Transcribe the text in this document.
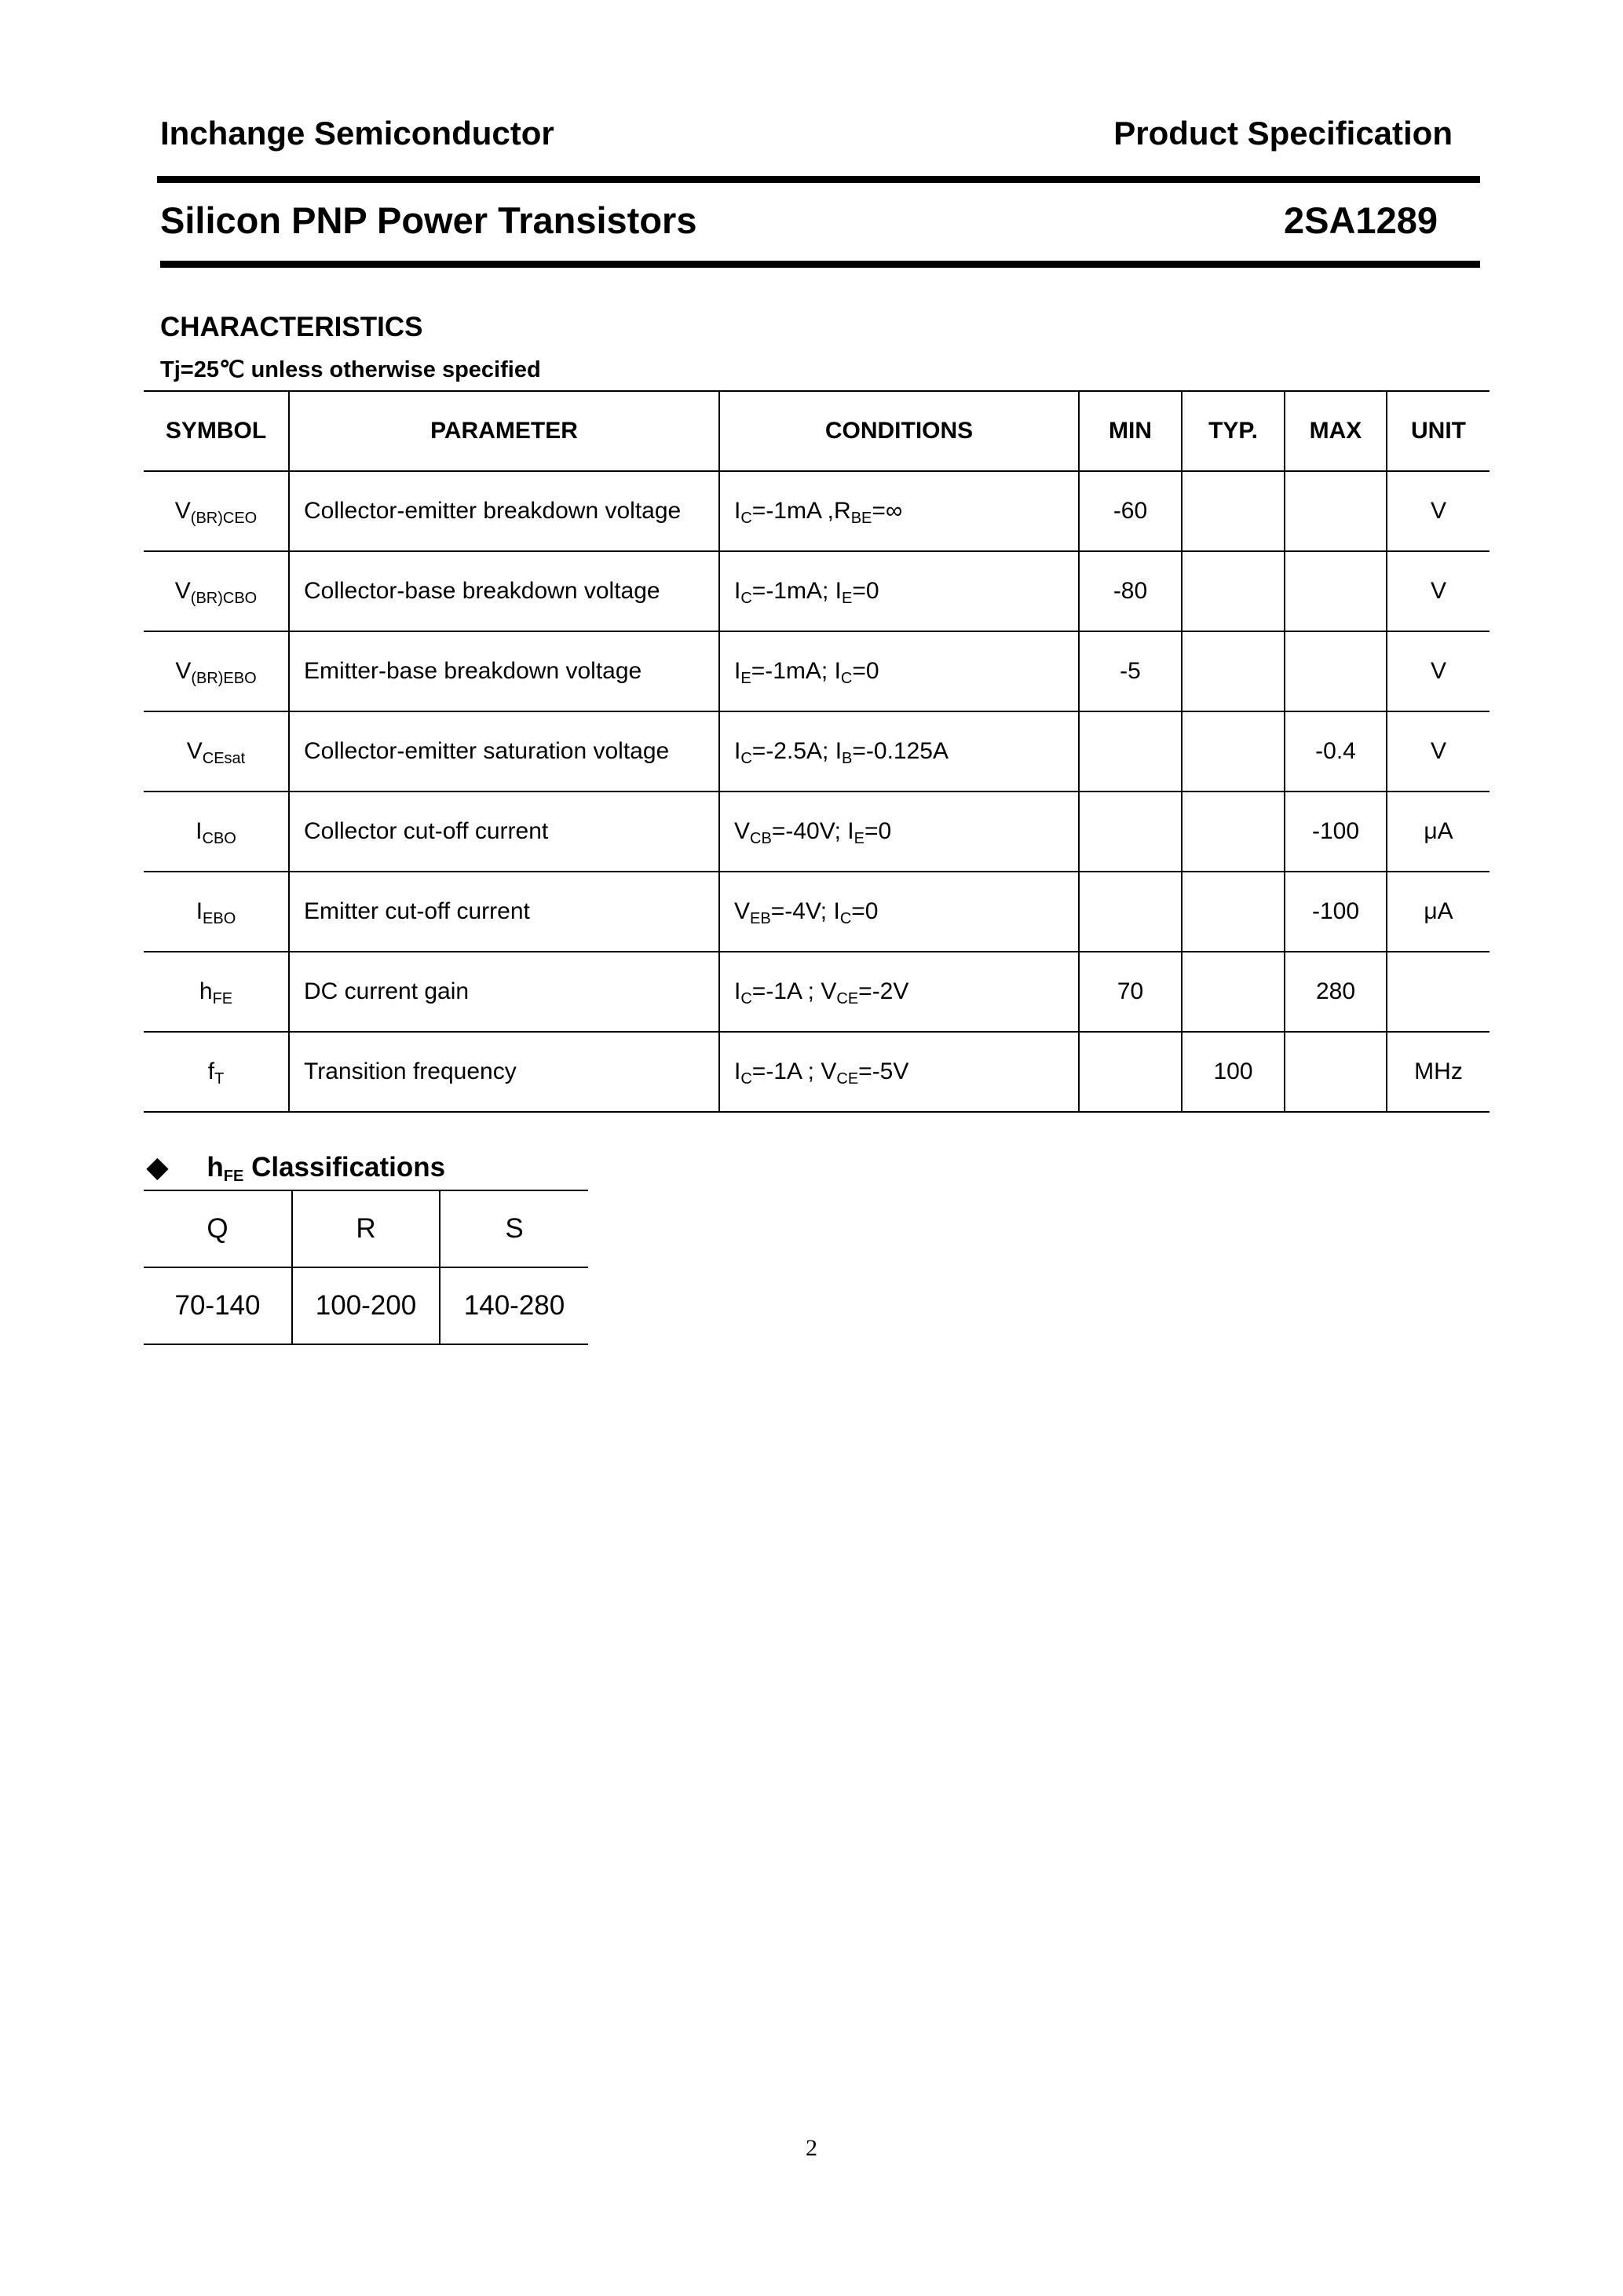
Inchange Semiconductor	Product Specification
Silicon PNP Power Transistors	2SA1289
CHARACTERISTICS
Tj=25℃ unless otherwise specified
SYMBOL	PARAMETER	CONDITIONS	MIN	TYP.	MAX	UNIT
$V_{(BR)CEO}$	Collector-emitter breakdown voltage	$I_C=-1mA$ $,R_{BE}=\infty$	-60			V
$V_{(BR)CBO}$	Collector-base breakdown voltage	$I_C=-1mA$; $I_E=0$	-80			V
$V_{(BR)EBO}$	Emitter-base breakdown voltage	$I_E=-1mA$; $I_C=0$	-5			V
$V_{CEsat}$	Collector-emitter saturation voltage	$I_C=-2.5A$; $I_B=-0.125A$			-0.4	V
$I_{CBO}$	Collector cut-off current	$V_{CB}=-40V$; $I_E=0$			-100	μA
$I_{EBO}$	Emitter cut-off current	$V_{EB}=-4V$; $I_C=0$			-100	μA
$h_{FE}$	DC current gain	$I_C=-1A$ ; $V_{CE}=-2V$	70		280	
$f_T$	Transition frequency	$I_C=-1A$ ; $V_{CE}=-5V$		100		MHz
◆ $h_{FE}$ Classifications
Q	R	S
70-140	100-200	140-280
2
